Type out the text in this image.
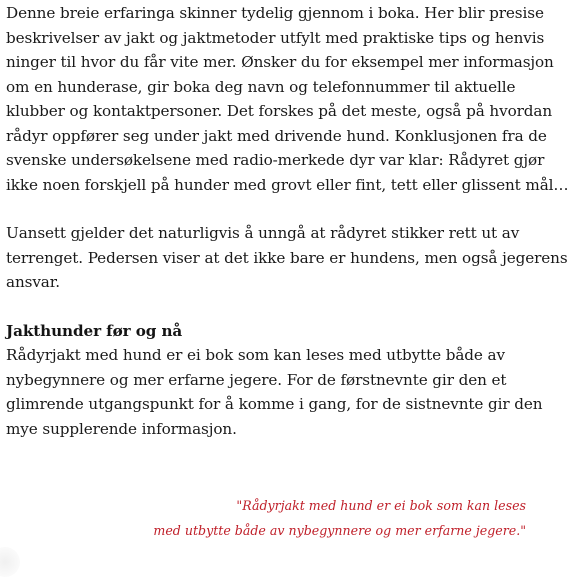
Denne breie erfaringa skinner tydelig gjennom i boka. Her blir presise beskrivelser av jakt og jaktmetoder utfylt med praktiske tips og henvis ninger til hvor du får vite mer. Ønsker du for eksempel mer informasjon om en hunderase, gir boka deg navn og telefonnummer til aktuelle klubber og kontaktpersoner. Det forskes på det meste, også på hvordan rådyr oppfører seg under jakt med drivende hund. Konklusjonen fra de svenske undersøkelsene med radio-merkede dyr var klar: Rådyret gjør ikke noen forskjell på hunder med grovt eller fint, tett eller glissent mål…

Uansett gjelder det naturligvis å unngå at rådyret stikker rett ut av terrenget. Pedersen viser at det ikke bare er hundens, men også jegerens ansvar.

Jakthunder før og nå

Rådyrjakt med hund er ei bok som kan leses med utbytte både av nybegynnere og mer erfarne jegere. For de førstnevnte gir den et glimrende utgangspunkt for å komme i gang, for de sistnevnte gir den mye supplerende informasjon.

"Rådyrjakt med hund er ei bok som kan leses
med utbytte både av nybegynnere og mer erfarne jegere."
